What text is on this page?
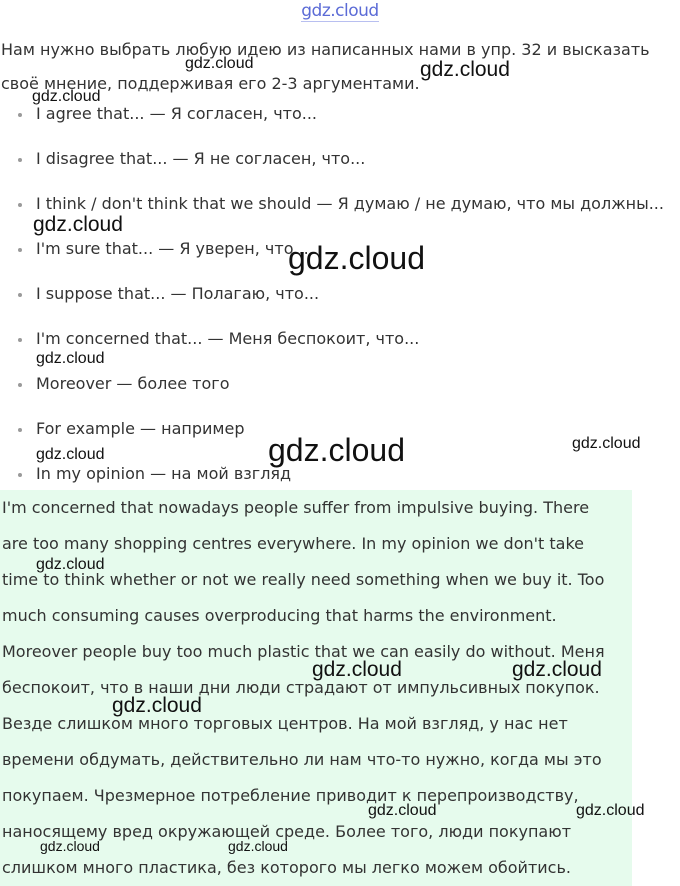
gdz.cloud

Нам нужно выбрать любую идею из написанных нами в упр. 32 и высказать
своё мнение, поддерживая его 2-3 аргументами.

I agree that... — Я согласен, что...
I disagree that... — Я не согласен, что...
I think / don't think that we should — Я думаю / не думаю, что мы должны...
I'm sure that... — Я уверен, что...
I suppose that... — Полагаю, что...
I'm concerned that... — Меня беспокоит, что...
Moreover — более того
For example — например
In my opinion — на мой взгляд

I'm concerned that nowadays people suffer from impulsive buying. There
are too many shopping centres everywhere. In my opinion we don't take
time to think whether or not we really need something when we buy it. Too
much consuming causes overproducing that harms the environment.
Moreover people buy too much plastic that we can easily do without. Меня
беспокоит, что в наши дни люди страдают от импульсивных покупок.
Везде слишком много торговых центров. На мой взгляд, у нас нет
времени обдумать, действительно ли нам что-то нужно, когда мы это
покупаем. Чрезмерное потребление приводит к перепроизводству,
наносящему вред окружающей среде. Более того, люди покупают
слишком много пластика, без которого мы легко можем обойтись.

gdz.cloud	gdz.cloud
gdz.cloud
gdz.cloud
gdz.cloud
gdz.cloud
gdz.cloud	gdz.cloud
gdz.cloud
gdz.cloud
gdz.cloud	gdz.cloud
gdz.cloud
gdz.cloud	gdz.cloud
gdz.cloud	gdz.cloud
